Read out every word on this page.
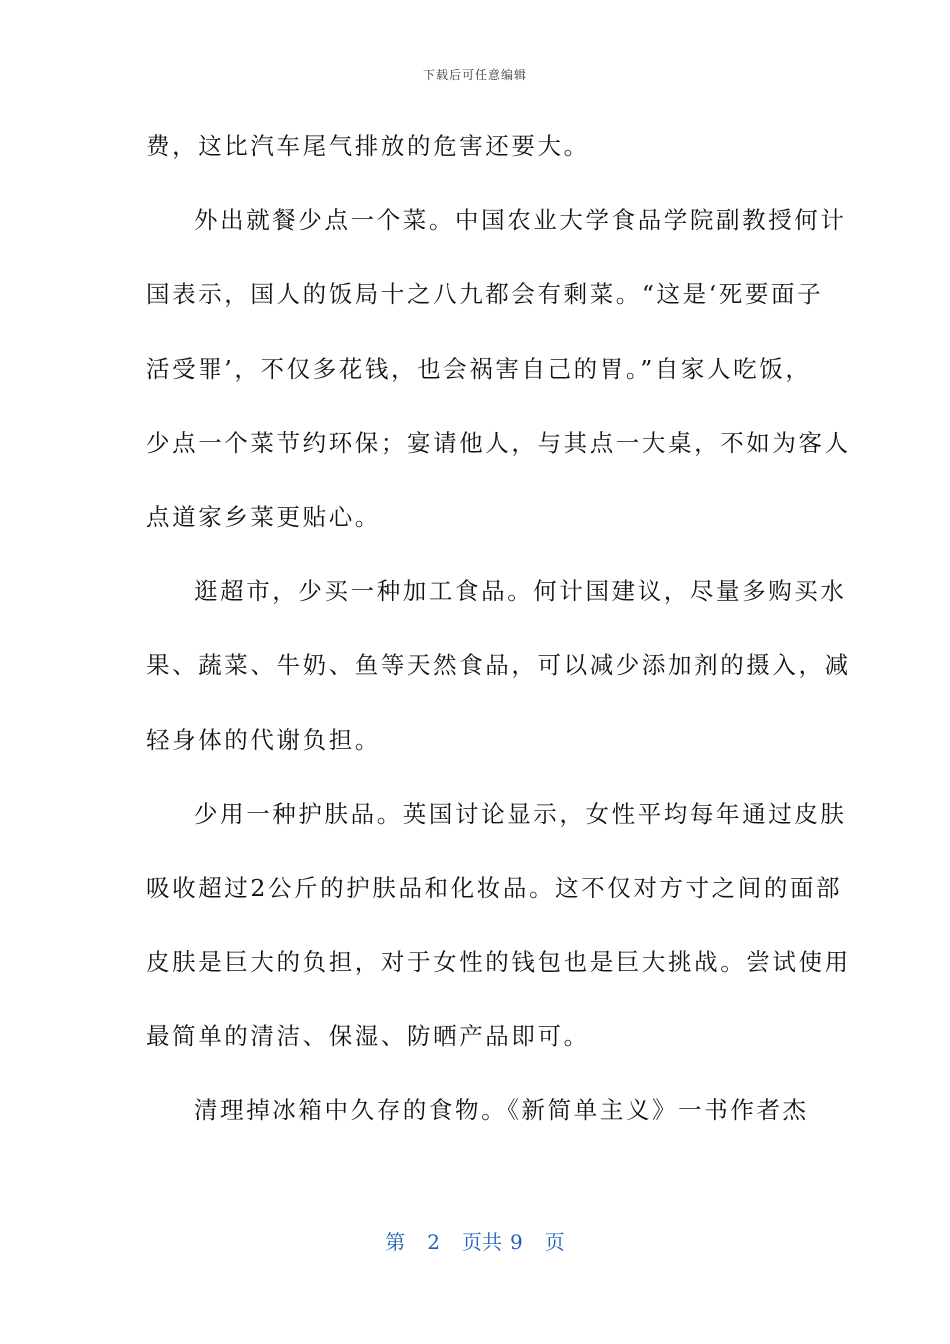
下载后可任意编辑
费，这比汽车尾气排放的危害还要大。
外出就餐少点一个菜。中国农业大学食品学院副教授何计
国表示，国人的饭局十之八九都会有剩菜。“这是‘死要面子
活受罪’，不仅多花钱，也会祸害自己的胃。”自家人吃饭，
少点一个菜节约环保；宴请他人，与其点一大桌，不如为客人
点道家乡菜更贴心。
逛超市，少买一种加工食品。何计国建议，尽量多购买水
果、蔬菜、牛奶、鱼等天然食品，可以减少添加剂的摄入，减
轻身体的代谢负担。
少用一种护肤品。英国讨论显示，女性平均每年通过皮肤
吸收超过2公斤的护肤品和化妆品。这不仅对方寸之间的面部
皮肤是巨大的负担，对于女性的钱包也是巨大挑战。尝试使用
最简单的清洁、保湿、防晒产品即可。
清理掉冰箱中久存的食物。《新简单主义》一书作者杰
第 2 页共 9 页
